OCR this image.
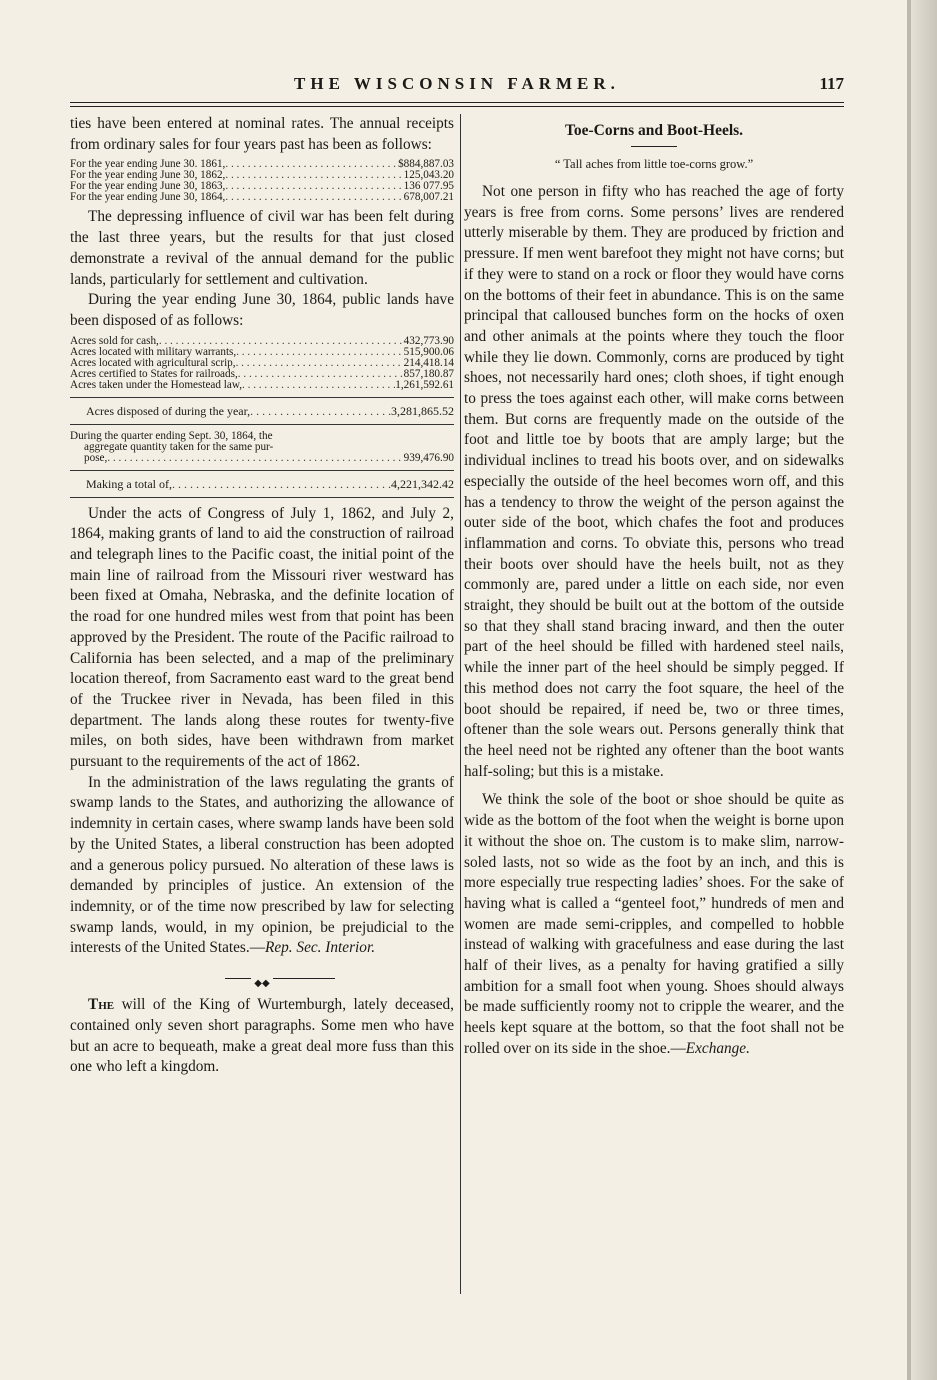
THE WISCONSIN FARMER.	117

ties have been entered at nominal rates. The annual receipts from ordinary sales for four years past has been as follows:

For the year ending June 30. 1861, . . .	$884,887.03
For the year ending June 30, 1862, . . .	125,043.20
For the year ending June 30, 1863, . . .	136 077.95
For the year ending June 30, 1864, . . .	678,007.21

The depressing influence of civil war has been felt during the last three years, but the results for that just closed demonstrate a revival of the annual demand for the public lands, particularly for settlement and cultivation.

During the year ending June 30, 1864, public lands have been disposed of as follows:

Acres sold for cash, . . .	432,773.90
Acres located with military warrants, . . .	515,900.06
Acres located with agricultural scrip, . . .	214,418.14
Acres certified to States for railroads, . . .	857,180.87
Acres taken under the Homestead law, . . .	1,261,592.61
Acres disposed of during the year, . . .	3,281,865.52
During the quarter ending Sept. 30, 1864, the
aggregate quantity taken for the same pur-
pose, . . .	939,476.90
Making a total of, . . .	4,221,342.42

Under the acts of Congress of July 1, 1862, and July 2, 1864, making grants of land to aid the construction of railroad and telegraph lines to the Pacific coast, the initial point of the main line of railroad from the Missouri river westward has been fixed at Omaha, Nebraska, and the definite location of the road for one hundred miles west from that point has been approved by the President. The route of the Pacific railroad to California has been selected, and a map of the preliminary location thereof, from Sacramento east ward to the great bend of the Truckee river in Nevada, has been filed in this department. The lands along these routes for twenty-five miles, on both sides, have been withdrawn from market pursuant to the requirements of the act of 1862.

In the administration of the laws regulating the grants of swamp lands to the States, and authorizing the allowance of indemnity in certain cases, where swamp lands have been sold by the United States, a liberal construction has been adopted and a generous policy pursued. No alteration of these laws is demanded by principles of justice. An extension of the indemnity, or of the time now prescribed by law for selecting swamp lands, would, in my opinion, be prejudicial to the interests of the United States.—Rep. Sec. Interior.

◆◆

The will of the King of Wurtemburgh, lately deceased, contained only seven short paragraphs. Some men who have but an acre to bequeath, make a great deal more fuss than this one who left a kingdom.

Toe-Corns and Boot-Heels.
“ Tall aches from little toe-corns grow.”

Not one person in fifty who has reached the age of forty years is free from corns. Some persons’ lives are rendered utterly miserable by them. They are produced by friction and pressure. If men went barefoot they might not have corns; but if they were to stand on a rock or floor they would have corns on the bottoms of their feet in abundance. This is on the same principal that calloused bunches form on the hocks of oxen and other animals at the points where they touch the floor while they lie down. Commonly, corns are produced by tight shoes, not necessarily hard ones; cloth shoes, if tight enough to press the toes against each other, will make corns between them. But corns are frequently made on the outside of the foot and little toe by boots that are amply large; but the individual inclines to tread his boots over, and on sidewalks especially the outside of the heel becomes worn off, and this has a tendency to throw the weight of the person against the outer side of the boot, which chafes the foot and produces inflammation and corns. To obviate this, persons who tread their boots over should have the heels built, not as they commonly are, pared under a little on each side, nor even straight, they should be built out at the bottom of the outside so that they shall stand bracing inward, and then the outer part of the heel should be filled with hardened steel nails, while the inner part of the heel should be simply pegged. If this method does not carry the foot square, the heel of the boot should be repaired, if need be, two or three times, oftener than the sole wears out. Persons generally think that the heel need not be righted any oftener than the boot wants half-soling; but this is a mistake.

We think the sole of the boot or shoe should be quite as wide as the bottom of the foot when the weight is borne upon it without the shoe on. The custom is to make slim, narrow-soled lasts, not so wide as the foot by an inch, and this is more especially true respecting ladies’ shoes. For the sake of having what is called a “genteel foot,” hundreds of men and women are made semi-cripples, and compelled to hobble instead of walking with gracefulness and ease during the last half of their lives, as a penalty for having gratified a silly ambition for a small foot when young. Shoes should always be made sufficiently roomy not to cripple the wearer, and the heels kept square at the bottom, so that the foot shall not be rolled over on its side in the shoe.—Exchange.
